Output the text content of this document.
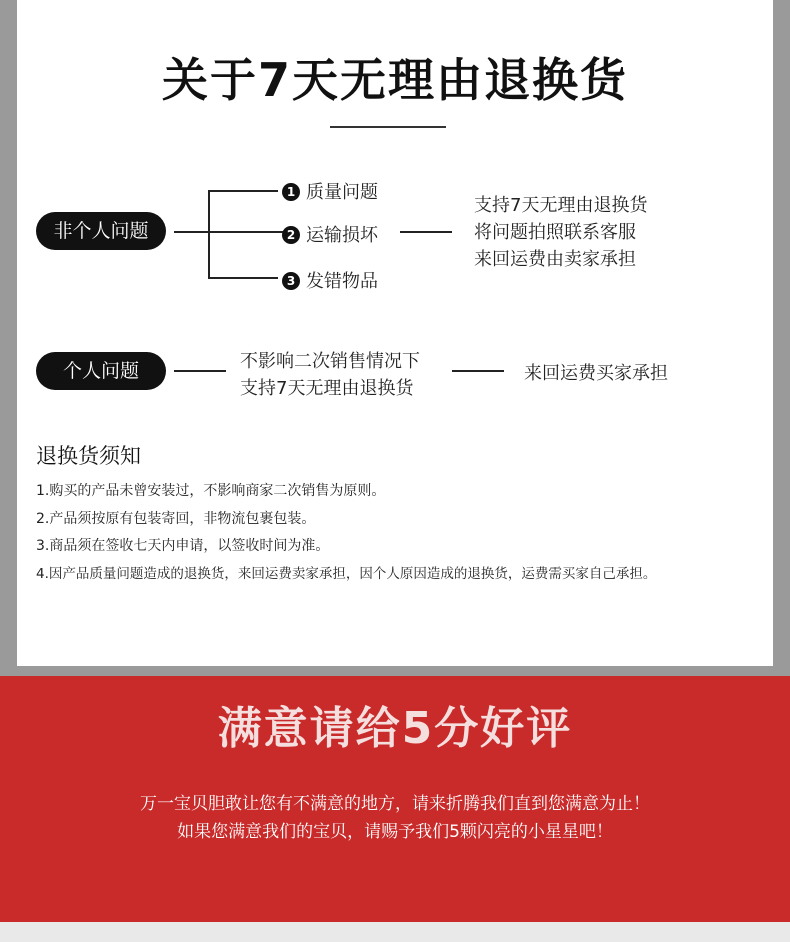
关于7天无理由退换货
非个人问题
1 质量问题
2 运输损坏
3 发错物品
支持7天无理由退换货
将问题拍照联系客服
来回运费由卖家承担
个人问题	不影响二次销售情况下
支持7天无理由退换货
来回运费买家承担
退换货须知
1.购买的产品未曾安装过，不影响商家二次销售为原则。
2.产品须按原有包装寄回，非物流包裹包装。
3.商品须在签收七天内申请，以签收时间为准。
4.因产品质量问题造成的退换货，来回运费卖家承担，因个人原因造成的退换货，运费需买家自己承担。
满意请给5分好评
万一宝贝胆敢让您有不满意的地方，请来折腾我们直到您满意为止！
如果您满意我们的宝贝，请赐予我们5颗闪亮的小星星吧！
